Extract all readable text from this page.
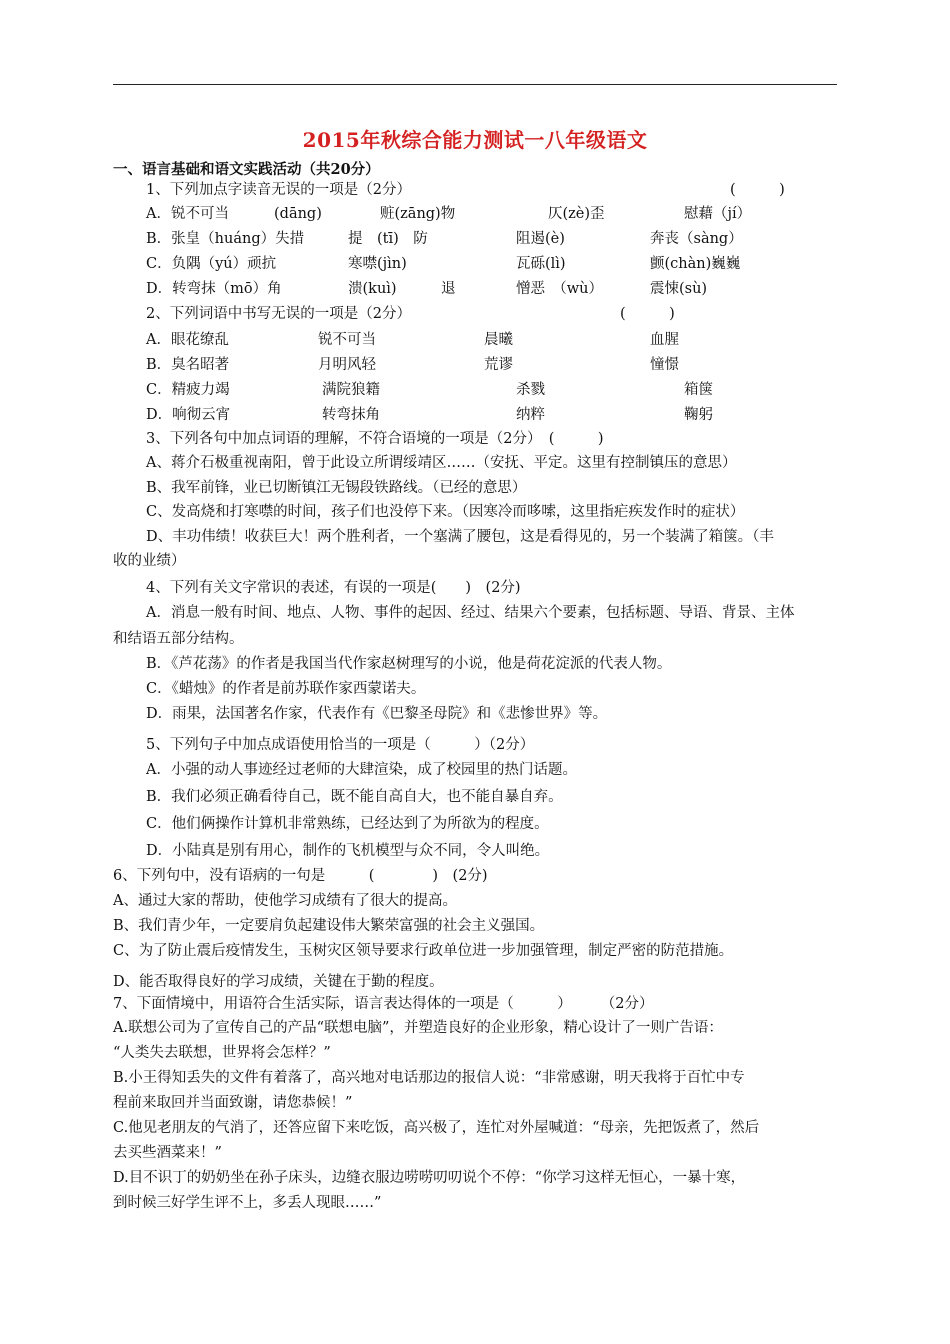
2015年秋综合能力测试一八年级语文
一、语言基础和语文实践活动（共20分）
1、下列加点字读音无误的一项是（2分）	(　　　)
A．锐不可当	(dāng)	赃(zāng)物	仄(zè)歪	慰藉（jí）
B．张皇（huáng）失措	提　(tī)　防	阻遏(è)	奔丧（sàng）
C．负隅（yú）顽抗	寒噤(jìn)	瓦砾(lì)	颤(chàn)巍巍
D．转弯抹（mō）角	溃(kuì)	退	憎恶　（wù）	震悚(sù)
2、下列词语中书写无误的一项是（2分）	(　　　)
A．眼花缭乱	锐不可当	晨曦	血腥
B．臭名昭著	月明风轻	荒谬	憧憬
C．精疲力竭	满院狼籍	杀戮	箱箧
D．响彻云宵	转弯抹角	纳粹	鞠躬
3、下列各句中加点词语的理解，不符合语境的一项是（2分）　(　　　)
A、蒋介石极重视南阳，曾于此设立所谓绥靖区……（安抚、平定。这里有控制镇压的意思）
B、我军前锋，业已切断镇江无锡段铁路线。（已经的意思）
C、发高烧和打寒噤的时间，孩子们也没停下来。（因寒冷而哆嗦，这里指疟疾发作时的症状）
D、丰功伟绩！收获巨大！两个胜利者，一个塞满了腰包，这是看得见的，另一个装满了箱箧。（丰
收的业绩）
4、下列有关文字常识的表述，有误的一项是(　　)　(2分)
A．消息一般有时间、地点、人物、事件的起因、经过、结果六个要素，包括标题、导语、背景、主体
和结语五部分结构。
B．《芦花荡》的作者是我国当代作家赵树理写的小说，他是荷花淀派的代表人物。
C．《蜡烛》的作者是前苏联作家西蒙诺夫。
D．雨果，法国著名作家，代表作有《巴黎圣母院》和《悲惨世界》等。
5、下列句子中加点成语使用恰当的一项是（　　　）（2分）
A．小强的动人事迹经过老师的大肆渲染，成了校园里的热门话题。
B．我们必须正确看待自己，既不能自高自大，也不能自暴自弃。
C．他们俩操作计算机非常熟练，已经达到了为所欲为的程度。
D．小陆真是别有用心，制作的飞机模型与众不同，令人叫绝。
6、下列句中，没有语病的一句是　　　(　　　　)　(2分)
A、通过大家的帮助，使他学习成绩有了很大的提高。
B、我们青少年，一定要肩负起建设伟大繁荣富强的社会主义强国。
C、为了防止震后疫情发生，玉树灾区领导要求行政单位进一步加强管理，制定严密的防范措施。
D、能否取得良好的学习成绩，关键在于勤的程度。
7、下面情境中，用语符合生活实际，语言表达得体的一项是（　　　）　　　（2分）
A.联想公司为了宣传自己的产品“联想电脑”，并塑造良好的企业形象，精心设计了一则广告语：
“人类失去联想，世界将会怎样？”
B.小王得知丢失的文件有着落了，高兴地对电话那边的报信人说：“非常感谢，明天我将于百忙中专
程前来取回并当面致谢，请您恭候！”
C.他见老朋友的气消了，还答应留下来吃饭，高兴极了，连忙对外屋喊道：“母亲，先把饭煮了，然后
去买些酒菜来！”
D.目不识丁的奶奶坐在孙子床头，边缝衣服边唠唠叨叨说个不停：“你学习这样无恒心，一暴十寒，
到时候三好学生评不上，多丢人现眼……”
